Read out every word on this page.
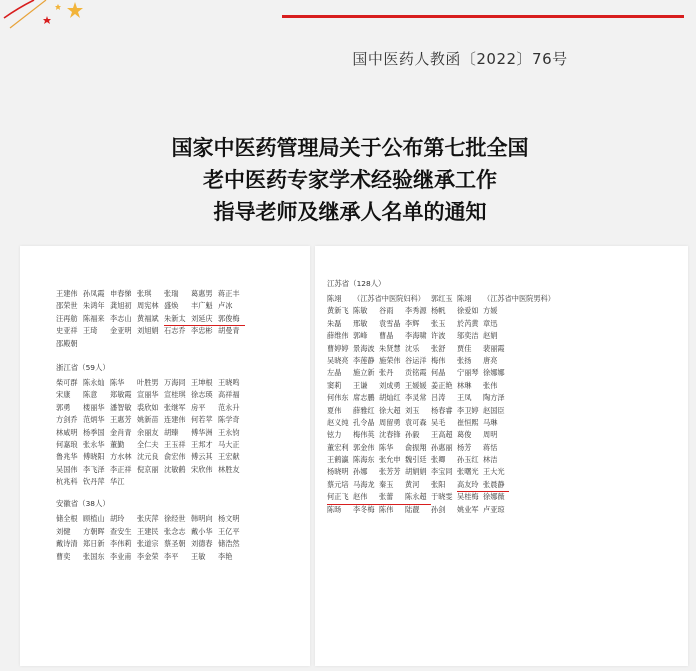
国中医药人教函〔2022〕76号
国家中医药管理局关于公布第七批全国
老中医药专家学术经验继承工作
指导老师及继承人名单的通知
王建伟 孙凤霞 申春悌 张琪 张瑞 葛惠男 蒋正丰
邵荣世 朱鸿年 龚旭初 周宪林 盛焕 丰广魁 卢冰
汪再舫 陈福来 李志山 黄福斌 朱新太 刘延庆 郭俊梅
史亚祥 王琦 金亚明 刘旭娟 石志乔 李忠彬 胡曼青
邵殿朝
浙江省（59人）
柴可群 陈永灿 陈华 叶胜男 万海同 王坤根 王晓鸣
宋康 陈意 郑敏霞 宣丽华 宣桂琪 徐志瑛 高祥福
郭勇 楼丽华 潘智敏 裘欣如 张继军 房平 范永升
方剑乔 范炳华 王惠芳 姚新苗 连建伟 何若苹 陈学奇
林咸明 杨季国 金肖青 余丽友 胡臻 傅华洲 王永钧
何嘉琅 张永华 董勤 全仁夫 王玉祥 王邦才 马大正
鲁兆华 傅晓阳 方水林 沈元良 俞宏伟 傅云其 王宏献
吴国伟 李飞泽 李正祥 倪京丽 沈敏鹤 宋欣伟 林胜友
杭兆科 钦丹萍 华江
安徽省（38人）
储全根 顾植山 胡玲 张庆萍 徐经世 韩明向 杨文明
刘健 方朝晖 查安生 王建民 张念志 戴小华 王亿平
戴诗清 郑日新 李伟莉 张道宗 蔡圣朝 刘德春 储浩然
曹奕 张国东 李业甫 李金荣 李平 王敏 李艳
江苏省（128人）
陈翊 （江苏省中医院妇科） 郭红玉 陈翊 （江苏省中医院男科）
黄新飞 陈敏 谷雨 李秀源 杨帆 徐爱如 方媛
朱磊 邢敏 袁雪晶 李辉 张玉 於芮黄 章迅
薛维伟 郭峰 曹晶 李海啸 许波 邬奕洁 赵娟
曹婷婷 景海波 朱贤慧 沈乐 张舒 贾佳 裴丽霞
吴晓亮 李莲静 施荣伟 谷运洋 梅伟 张扬 唐亮
左晶 施立新 张丹 贡铭霞 何晶 宁丽琴 徐娜娜
窦莉 王谦 刘成勇 王媛媛 姜正艳 林琳 张伟
何伟东 席志鹏 胡灿红 李灵常 吕涛 王凤 陶方泽
夏伟 薛雅红 徐大超 刘玉 杨春睿 李卫婷 赵国臣
赵义纯 孔令晶 周留勇 袁可森 吴毛 崔恒熙 马琳
铉力 梅伟英 沈春锋 孙毅 王高超 葛俊 周明
董宏利 郭金伟 陈华 俞振翔 孙惠丽 杨芳 蒋恬
王鹤瀛 陈海东 张允申 魏引廷 张卿 孙玉红 林洁
杨晓明 孙娜 张芳芳 胡娟娟 李宝同 张曙光 王大光
蔡元培 马海龙 秦玉 黄河 张阳 高友玲 张晨静
何正飞 赵伟 张蕾 陈永超 于晓雯 吴桂梅 徐娜薇
陈旸 李冬梅 陈伟 陆靓 孙剑 姚业军 卢亚琼
